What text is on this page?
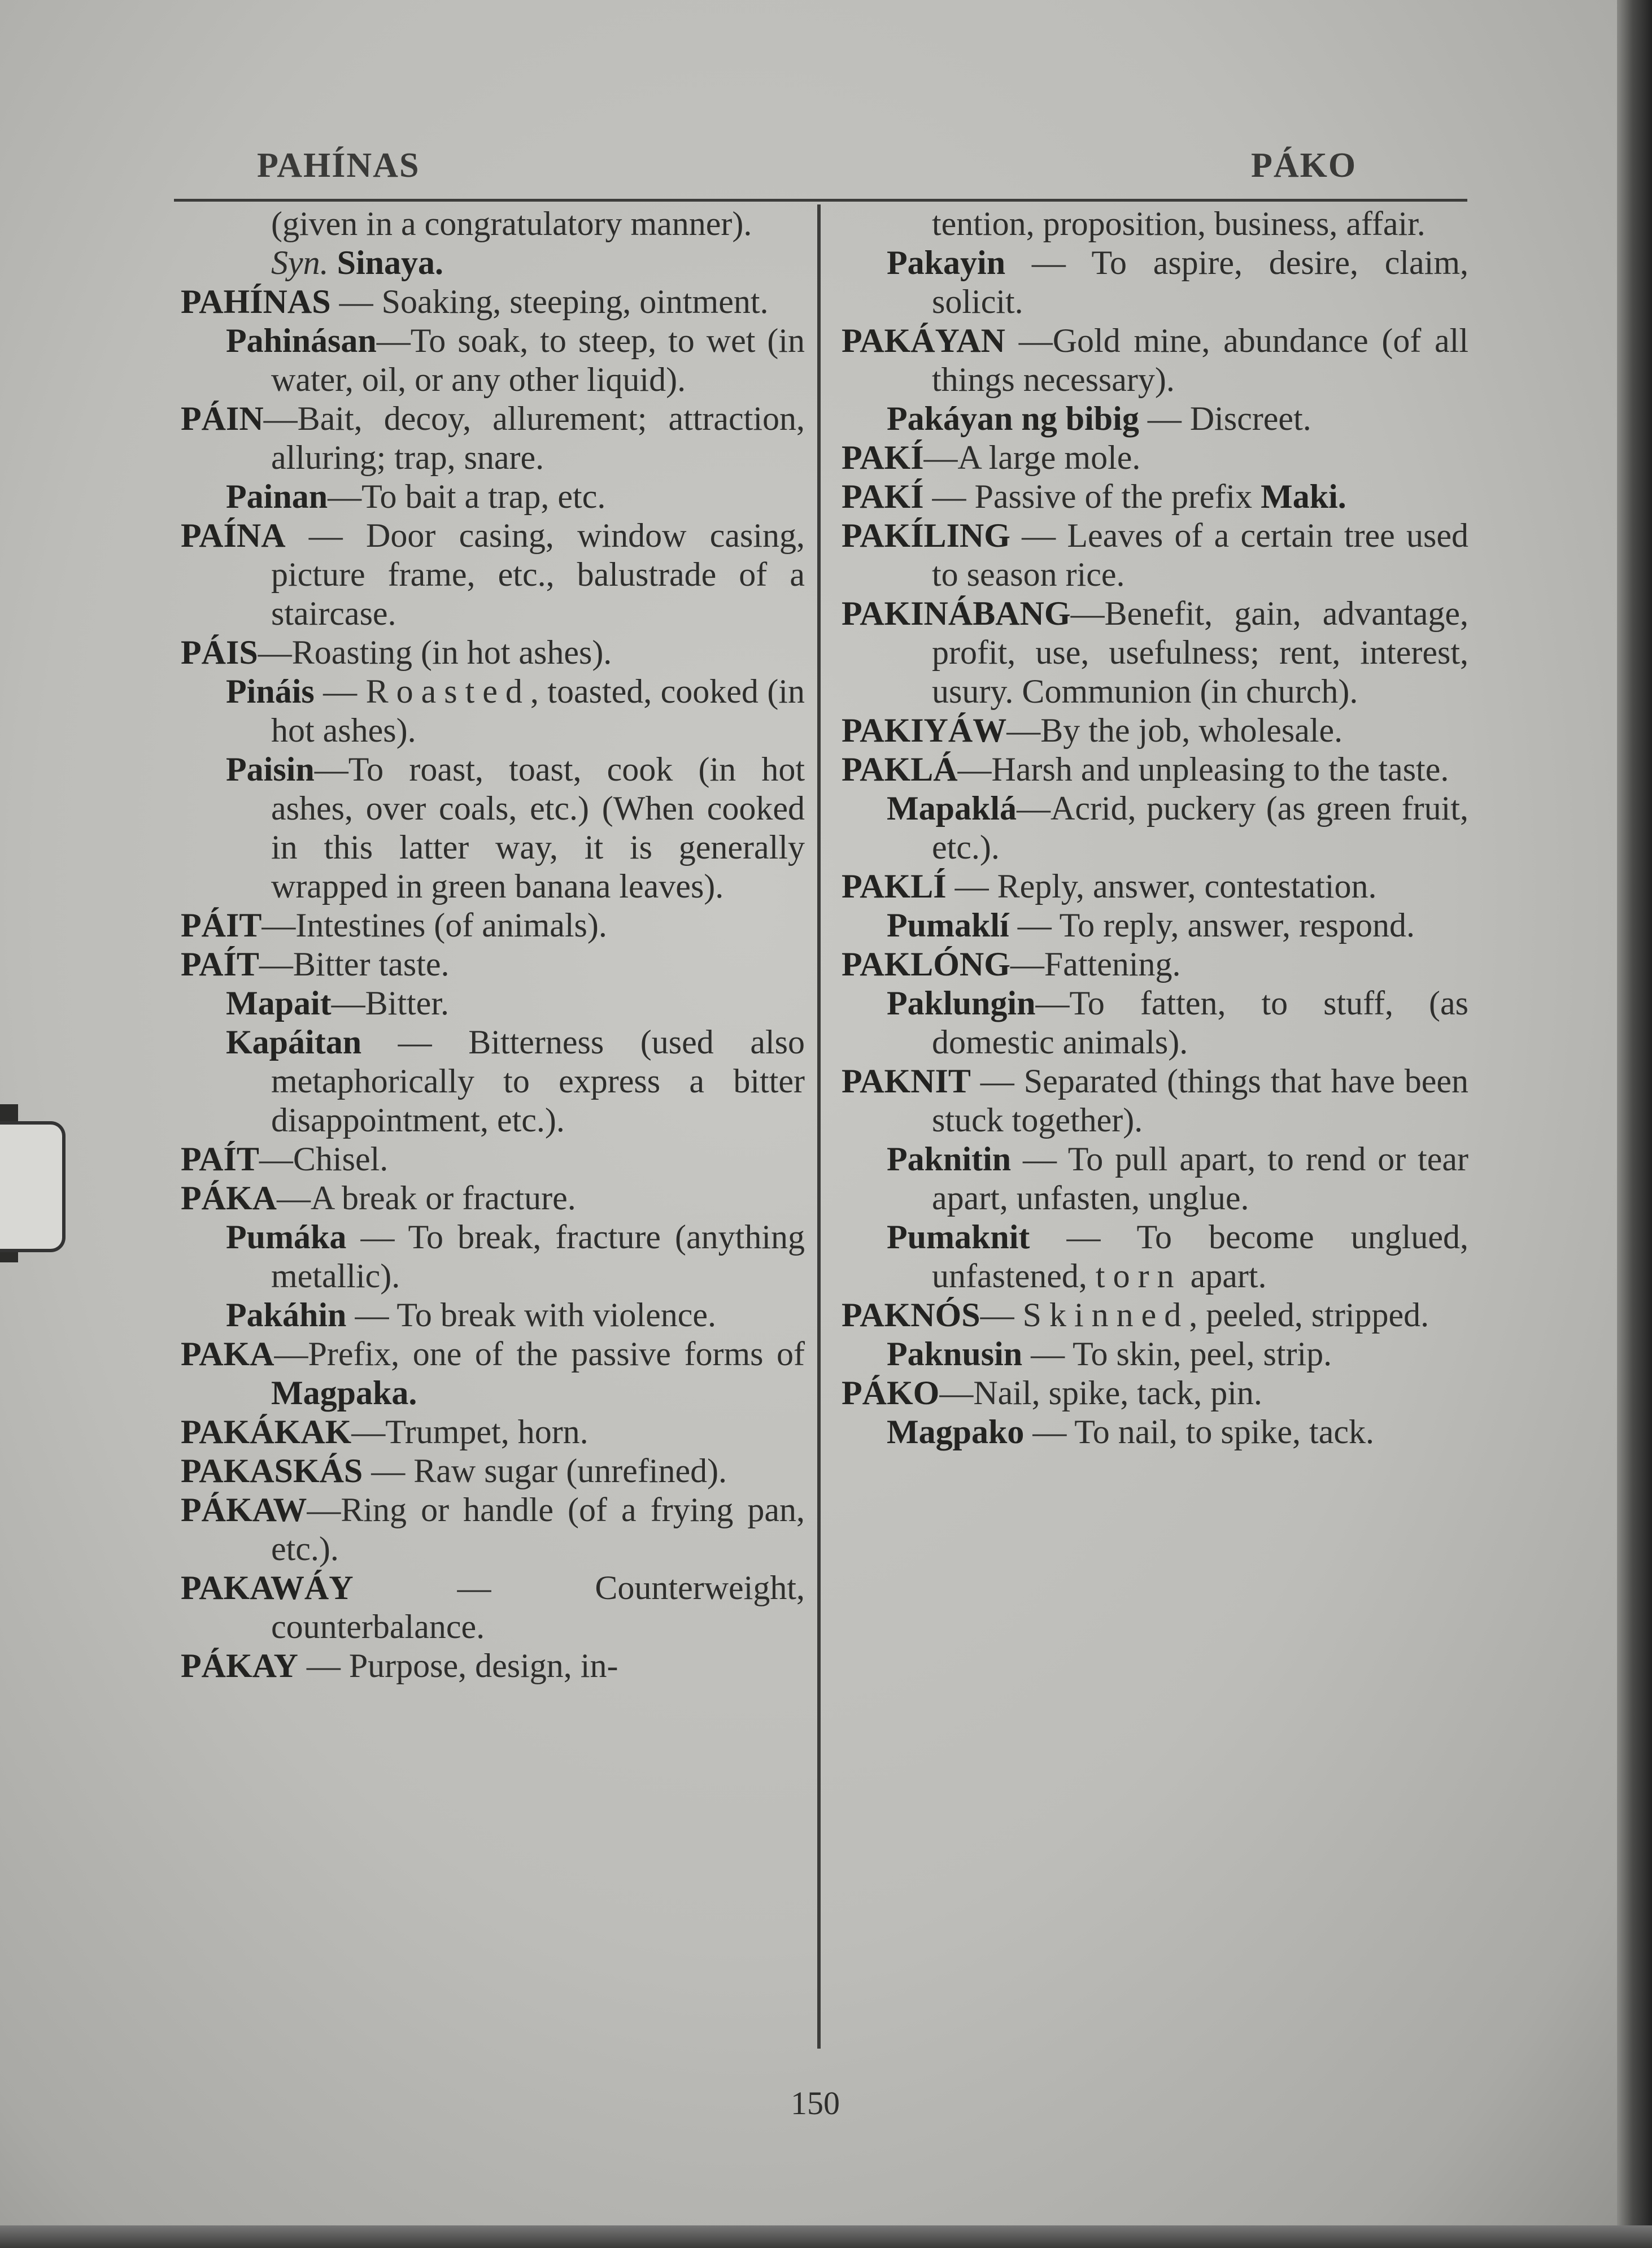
PAHÍNAS	PÁKO

(given in a congratulatory manner).

Syn. Sinaya.

PAHÍNAS — Soaking, steeping, ointment.

Pahinásan—To soak, to steep, to wet (in water, oil, or any other liquid).

PÁIN—Bait, decoy, allurement; attraction, alluring; trap, snare.

Painan—To bait a trap, etc.

PAÍNA — Door casing, window casing, picture frame, etc., balustrade of a staircase.

PÁIS—Roasting (in hot ashes).

Pináis — Roasted, toasted, cooked (in hot ashes).

Paisin—To roast, toast, cook (in hot ashes, over coals, etc.) (When cooked in this latter way, it is generally wrapped in green banana leaves).

PÁIT—Intestines (of animals).

PAÍT—Bitter taste.

Mapait—Bitter.

Kapáitan — Bitterness (used also metaphorically to express a bitter disappointment, etc.).

PAÍT—Chisel.

PÁKA—A break or fracture.

Pumáka — To break, fracture (anything metallic).

Pakáhin — To break with violence.

PAKA—Prefix, one of the passive forms of Magpaka.

PAKÁKAK—Trumpet, horn.

PAKASKÁS — Raw sugar (unrefined).

PÁKAW—Ring or handle (of a frying pan, etc.).

PAKAWÁY — Counterweight, counterbalance.

PÁKAY — Purpose, design, in-

tention, proposition, business, affair.

Pakayin — To aspire, desire, claim, solicit.

PAKÁYAN —Gold mine, abundance (of all things necessary).

Pakáyan ng bibig — Discreet.

PAKÍ—A large mole.

PAKÍ — Passive of the prefix Maki.

PAKÍLING — Leaves of a certain tree used to season rice.

PAKINÁBANG—Benefit, gain, advantage, profit, use, usefulness; rent, interest, usury. Communion (in church).

PAKIYÁW—By the job, wholesale.

PAKLÁ—Harsh and unpleasing to the taste.

Mapaklá—Acrid, puckery (as green fruit, etc.).

PAKLÍ — Reply, answer, contestation.

Pumaklí — To reply, answer, respond.

PAKLÓNG—Fattening.

Paklungin—To fatten, to stuff, (as domestic animals).

PAKNIT — Separated (things that have been stuck together).

Paknitin — To pull apart, to rend or tear apart, unfasten, unglue.

Pumaknit — To become unglued, unfastened, torn apart.

PAKNÓS— Skinned, peeled, stripped.

Paknusin — To skin, peel, strip.

PÁKO—Nail, spike, tack, pin.

Magpako — To nail, to spike, tack.

150
